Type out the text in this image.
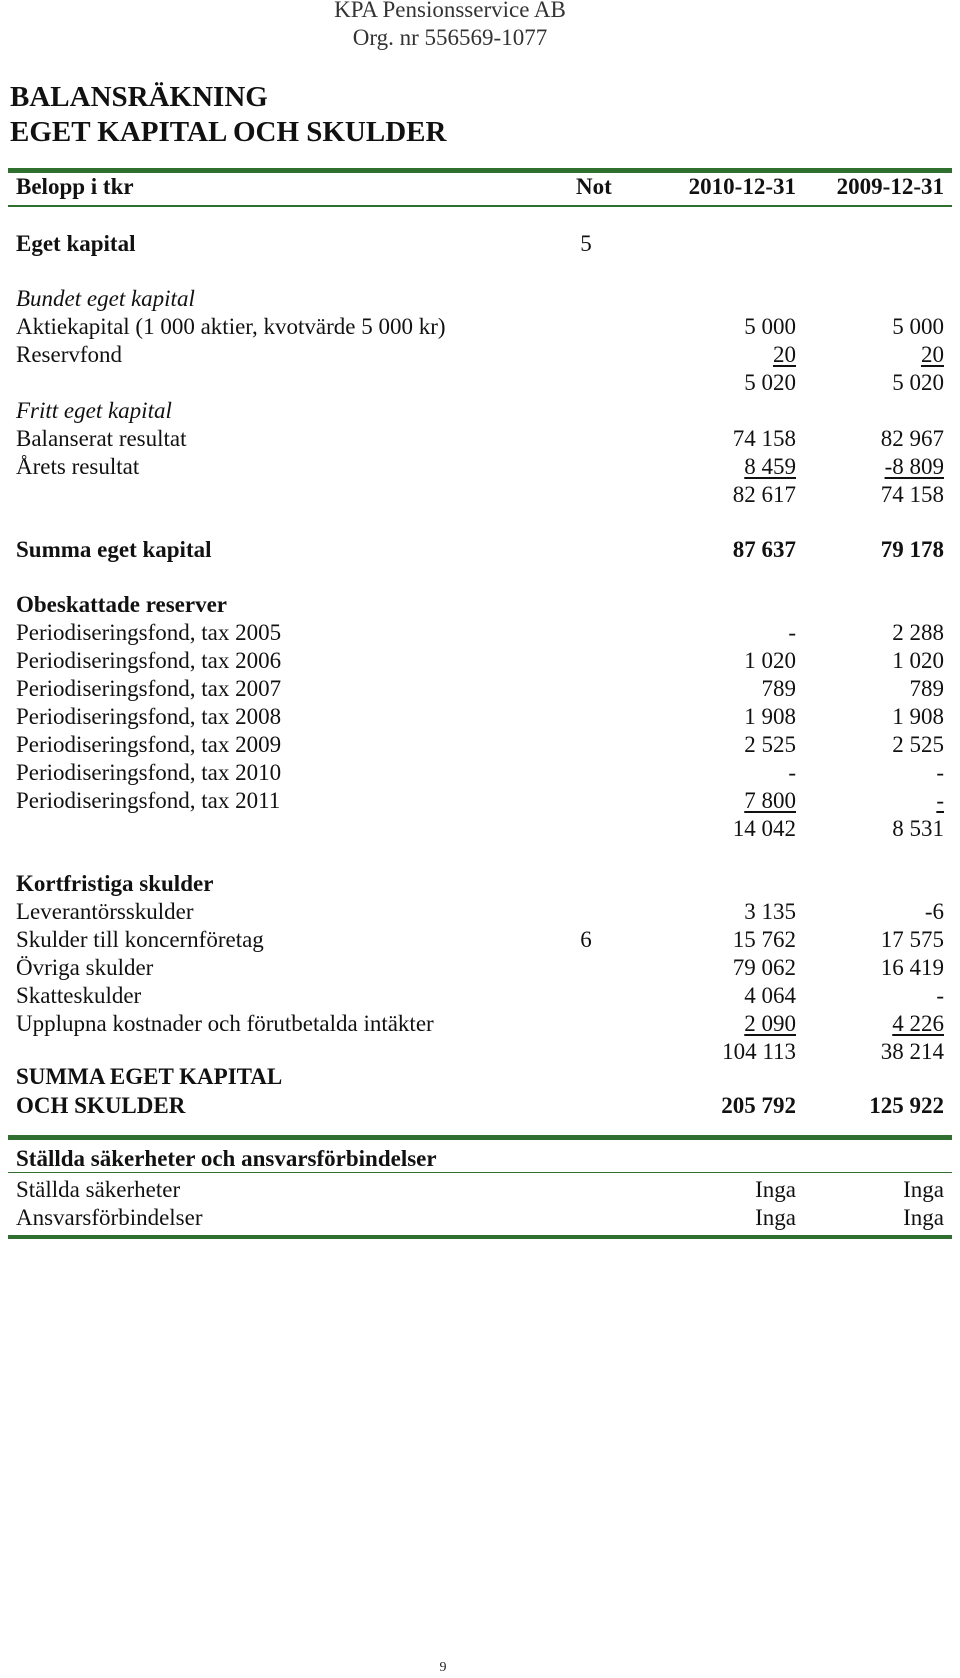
KPA Pensionsservice AB
Org. nr 556569-1077
BALANSRÄKNING
EGET KAPITAL OCH SKULDER
Belopp i tkr	Not	2010-12-31 2009-12-31
Eget kapital	5
Bundet eget kapital
Aktiekapital (1 000 aktier, kvotvärde 5 000 kr)	5 000	5 000
Reservfond	20	20
5 020	5 020
Fritt eget kapital
Balanserat resultat	74 158	82 967
Årets resultat	8 459	-8 809
82 617	74 158
Summa eget kapital	87 637	79 178
Obeskattade reserver
Periodiseringsfond, tax 2005	-	2 288
Periodiseringsfond, tax 2006	1 020	1 020
Periodiseringsfond, tax 2007	789	789
Periodiseringsfond, tax 2008	1 908	1 908
Periodiseringsfond, tax 2009	2 525	2 525
Periodiseringsfond, tax 2010	-	-
Periodiseringsfond, tax 2011	7 800	-
14 042	8 531
Kortfristiga skulder
Leverantörsskulder	3 135	-6
Skulder till koncernföretag	6	15 762	17 575
Övriga skulder	79 062	16 419
Skatteskulder	4 064	-
Upplupna kostnader och förutbetalda intäkter	2 090	4 226
104 113	38 214
SUMMA EGET KAPITAL
OCH SKULDER	205 792	125 922
Ställda säkerheter och ansvarsförbindelser
Ställda säkerheter	Inga	Inga
Ansvarsförbindelser	Inga	Inga
9
